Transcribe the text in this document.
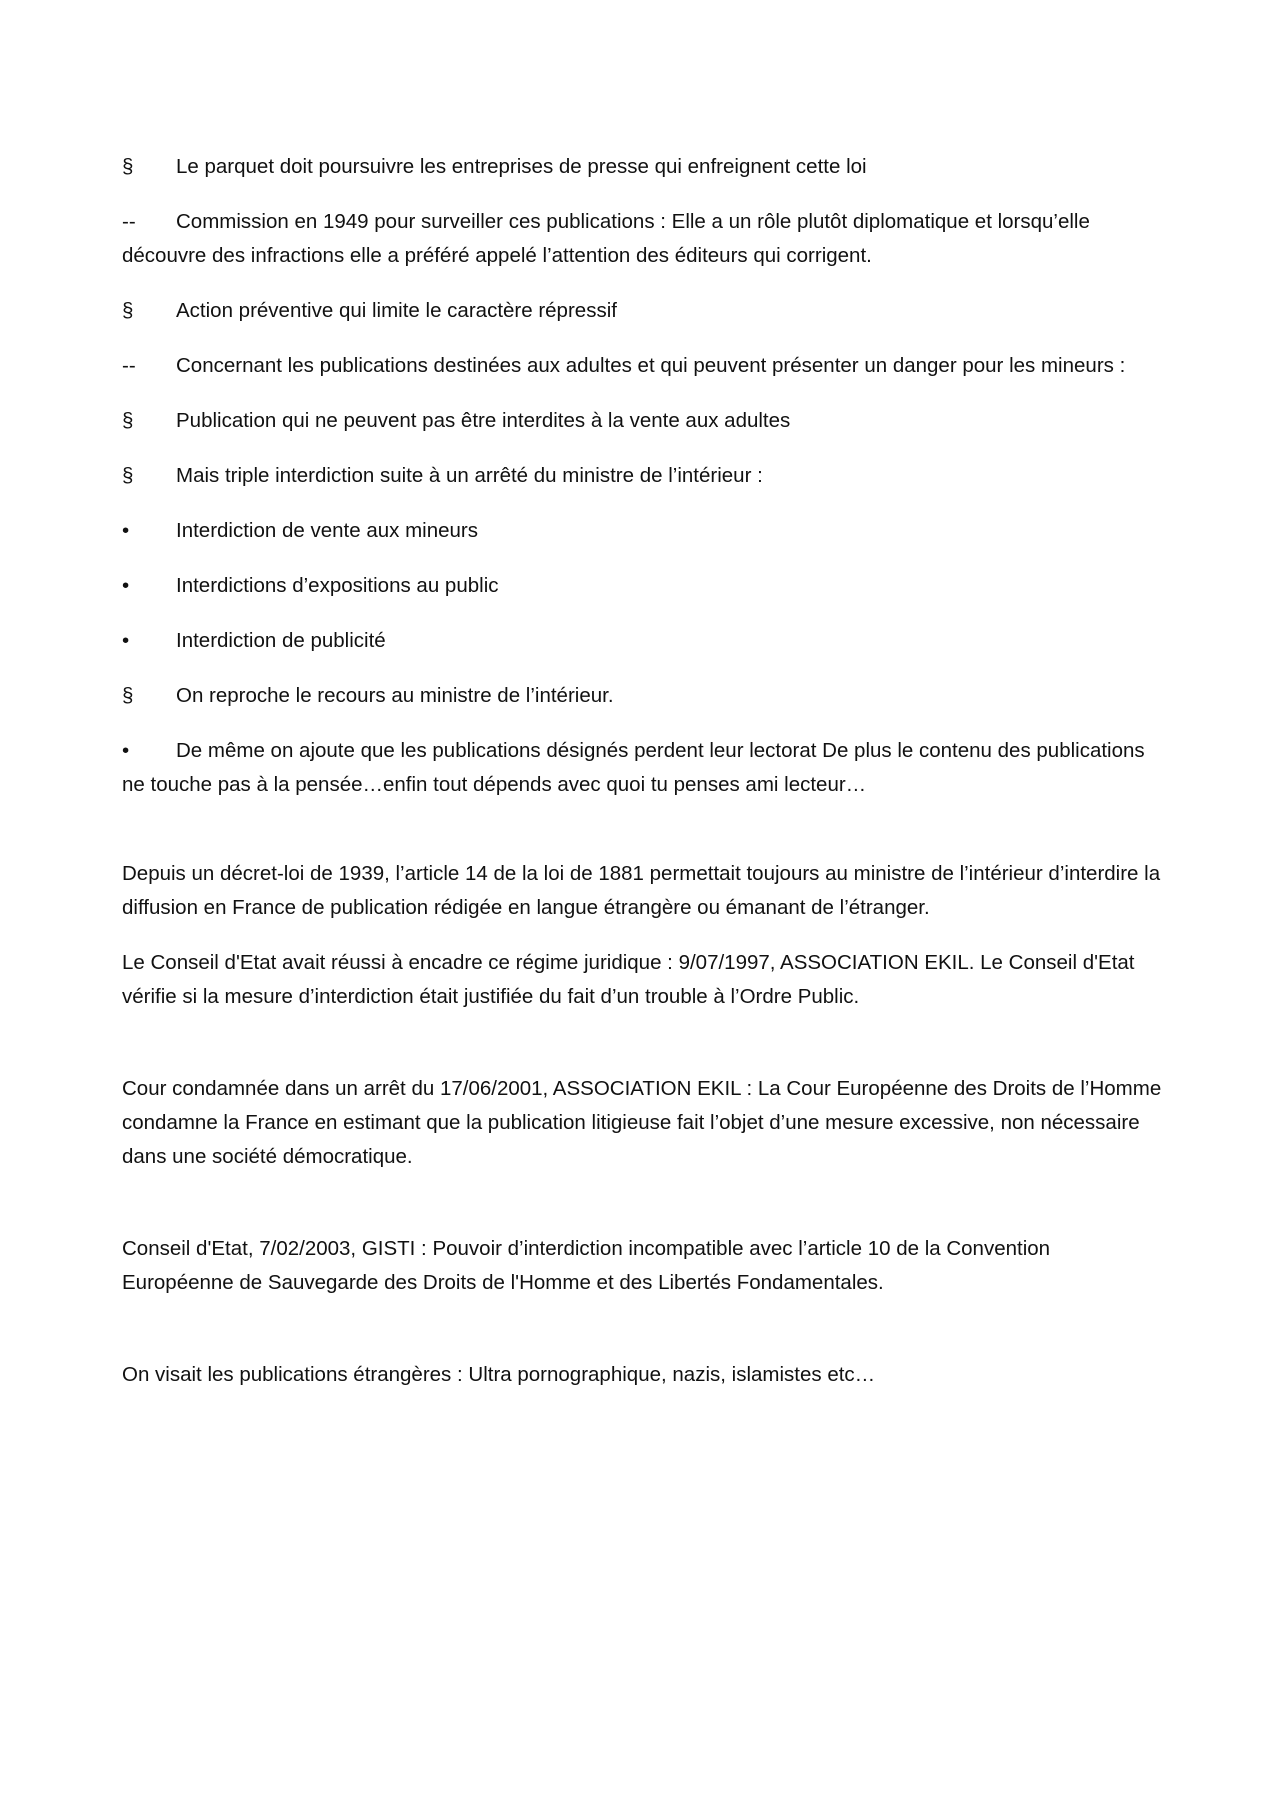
§ Le parquet doit poursuivre les entreprises de presse qui enfreignent cette loi

-- Commission en 1949 pour surveiller ces publications : Elle a un rôle plutôt diplomatique et lorsqu’elle découvre des infractions elle a préféré appelé l’attention des éditeurs qui corrigent.

§ Action préventive qui limite le caractère répressif

-- Concernant les publications destinées aux adultes et qui peuvent présenter un danger pour les mineurs :

§ Publication qui ne peuvent pas être interdites à la vente aux adultes

§ Mais triple interdiction suite à un arrêté du ministre de l’intérieur :

• Interdiction de vente aux mineurs

• Interdictions d’expositions au public

• Interdiction de publicité

§ On reproche le recours au ministre de l’intérieur.

• De même on ajoute que les publications désignés perdent leur lectorat De plus le contenu des publications ne touche pas à la pensée…enfin tout dépends avec quoi tu penses ami lecteur…

Depuis un décret-loi de 1939, l’article 14 de la loi de 1881 permettait toujours au ministre de l’intérieur d’interdire la diffusion en France de publication rédigée en langue étrangère ou émanant de l’étranger.

Le Conseil d'Etat avait réussi à encadre ce régime juridique : 9/07/1997, ASSOCIATION EKIL. Le Conseil d'Etat vérifie si la mesure d’interdiction était justifiée du fait d’un trouble à l’Ordre Public.

Cour condamnée dans un arrêt du 17/06/2001, ASSOCIATION EKIL : La Cour Européenne des Droits de l’Homme condamne la France en estimant que la publication litigieuse fait l’objet d’une mesure excessive, non nécessaire dans une société démocratique.

Conseil d'Etat, 7/02/2003, GISTI : Pouvoir d’interdiction incompatible avec l’article 10 de la Convention Européenne de Sauvegarde des Droits de l'Homme et des Libertés Fondamentales.

On visait les publications étrangères : Ultra pornographique, nazis, islamistes etc…
